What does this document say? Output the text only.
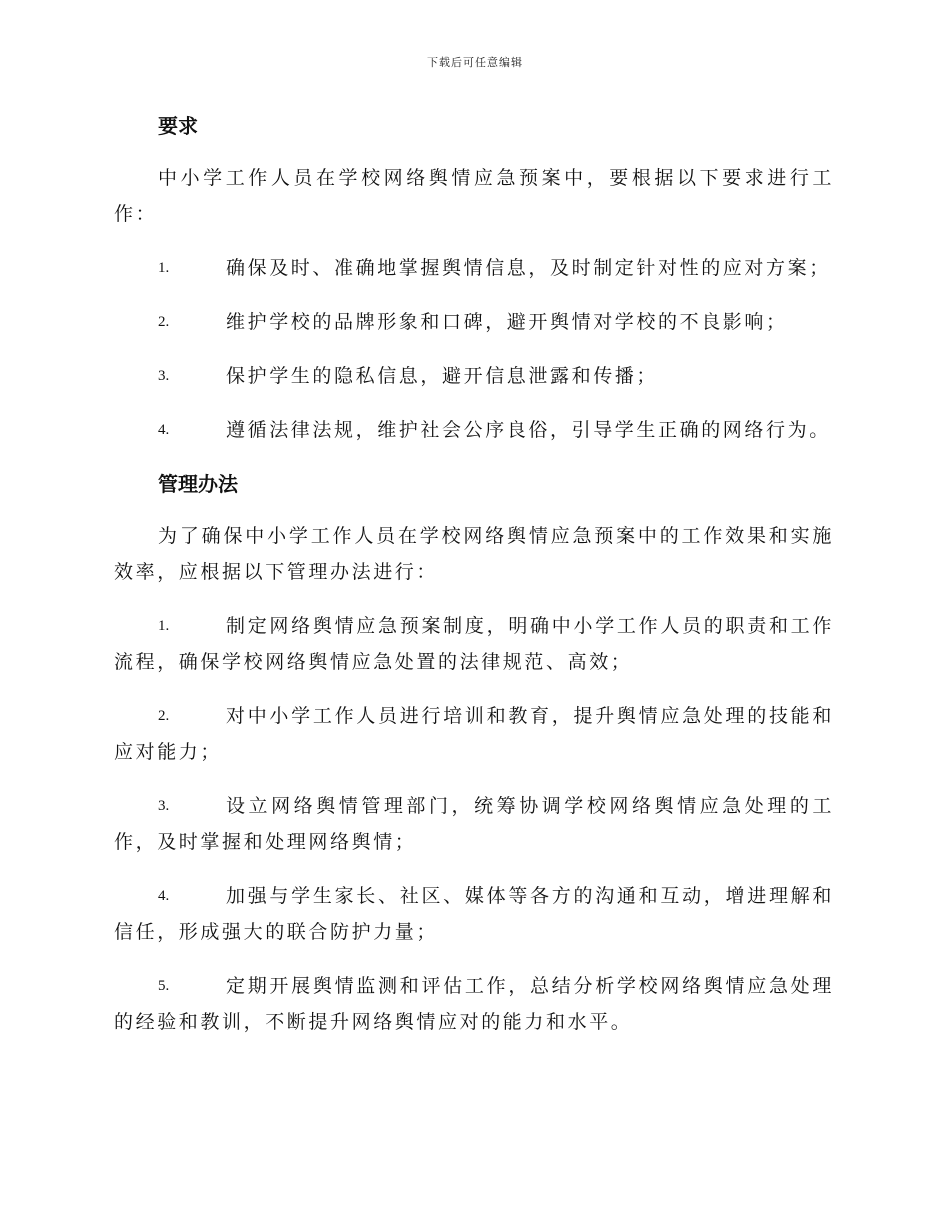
下载后可任意编辑
要求
中小学工作人员在学校网络舆情应急预案中，要根据以下要求进行工作：
1.	确保及时、准确地掌握舆情信息，及时制定针对性的应对方案；
2.	维护学校的品牌形象和口碑，避开舆情对学校的不良影响；
3.	保护学生的隐私信息，避开信息泄露和传播；
4.	遵循法律法规，维护社会公序良俗，引导学生正确的网络行为。
管理办法
为了确保中小学工作人员在学校网络舆情应急预案中的工作效果和实施效率，应根据以下管理办法进行：
1.	制定网络舆情应急预案制度，明确中小学工作人员的职责和工作流程，确保学校网络舆情应急处置的法律规范、高效；
2.	对中小学工作人员进行培训和教育，提升舆情应急处理的技能和应对能力；
3.	设立网络舆情管理部门，统筹协调学校网络舆情应急处理的工作，及时掌握和处理网络舆情；
4.	加强与学生家长、社区、媒体等各方的沟通和互动，增进理解和信任，形成强大的联合防护力量；
5.	定期开展舆情监测和评估工作，总结分析学校网络舆情应急处理的经验和教训，不断提升网络舆情应对的能力和水平。
